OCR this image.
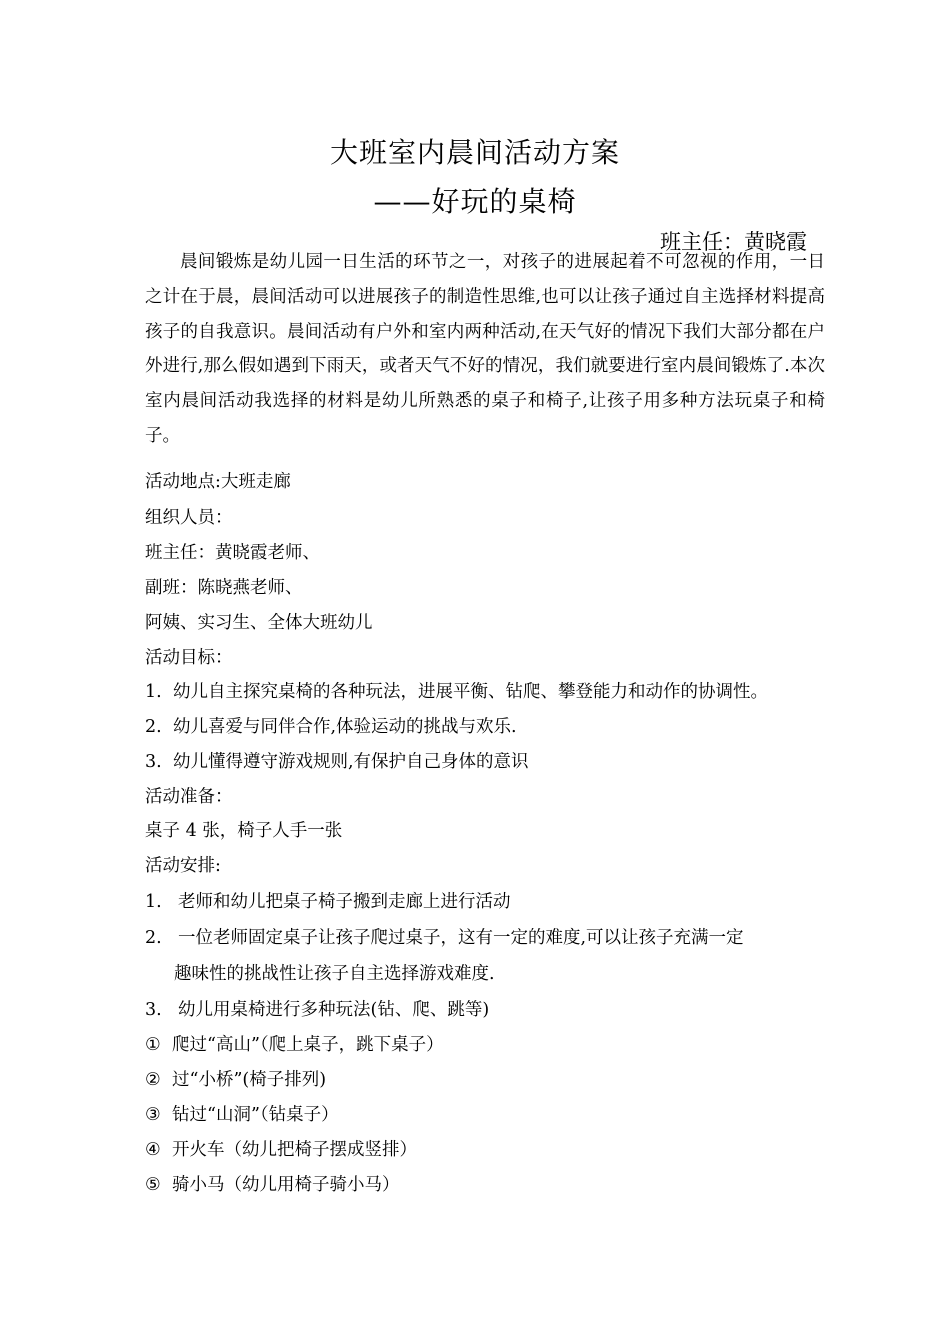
大班室内晨间活动方案
——好玩的桌椅
班主任：黄晓霞
晨间锻炼是幼儿园一日生活的环节之一，对孩子的进展起着不可忽视的作用，一日之计在于晨，晨间活动可以进展孩子的制造性思维,也可以让孩子通过自主选择材料提高孩子的自我意识。晨间活动有户外和室内两种活动,在天气好的情况下我们大部分都在户外进行,那么假如遇到下雨天，或者天气不好的情况，我们就要进行室内晨间锻炼了.本次室内晨间活动我选择的材料是幼儿所熟悉的桌子和椅子,让孩子用多种方法玩桌子和椅子。
活动地点:大班走廊
组织人员：
班主任：黄晓霞老师、
副班：陈晓燕老师、
阿姨、实习生、全体大班幼儿
活动目标：
1. 幼儿自主探究桌椅的各种玩法，进展平衡、钻爬、攀登能力和动作的协调性。
2. 幼儿喜爱与同伴合作,体验运动的挑战与欢乐.
3. 幼儿懂得遵守游戏规则,有保护自己身体的意识
活动准备：
桌子 4 张，椅子人手一张
活动安排:
1. 老师和幼儿把桌子椅子搬到走廊上进行活动
2. 一位老师固定桌子让孩子爬过桌子，这有一定的难度,可以让孩子充满一定
趣味性的挑战性让孩子自主选择游戏难度.
3. 幼儿用桌椅进行多种玩法(钻、爬、跳等)
① 爬过“高山”（爬上桌子，跳下桌子）
② 过“小桥”(椅子排列)
③ 钻过“山洞”（钻桌子）
④ 开火车（幼儿把椅子摆成竖排）
⑤ 骑小马（幼儿用椅子骑小马）
